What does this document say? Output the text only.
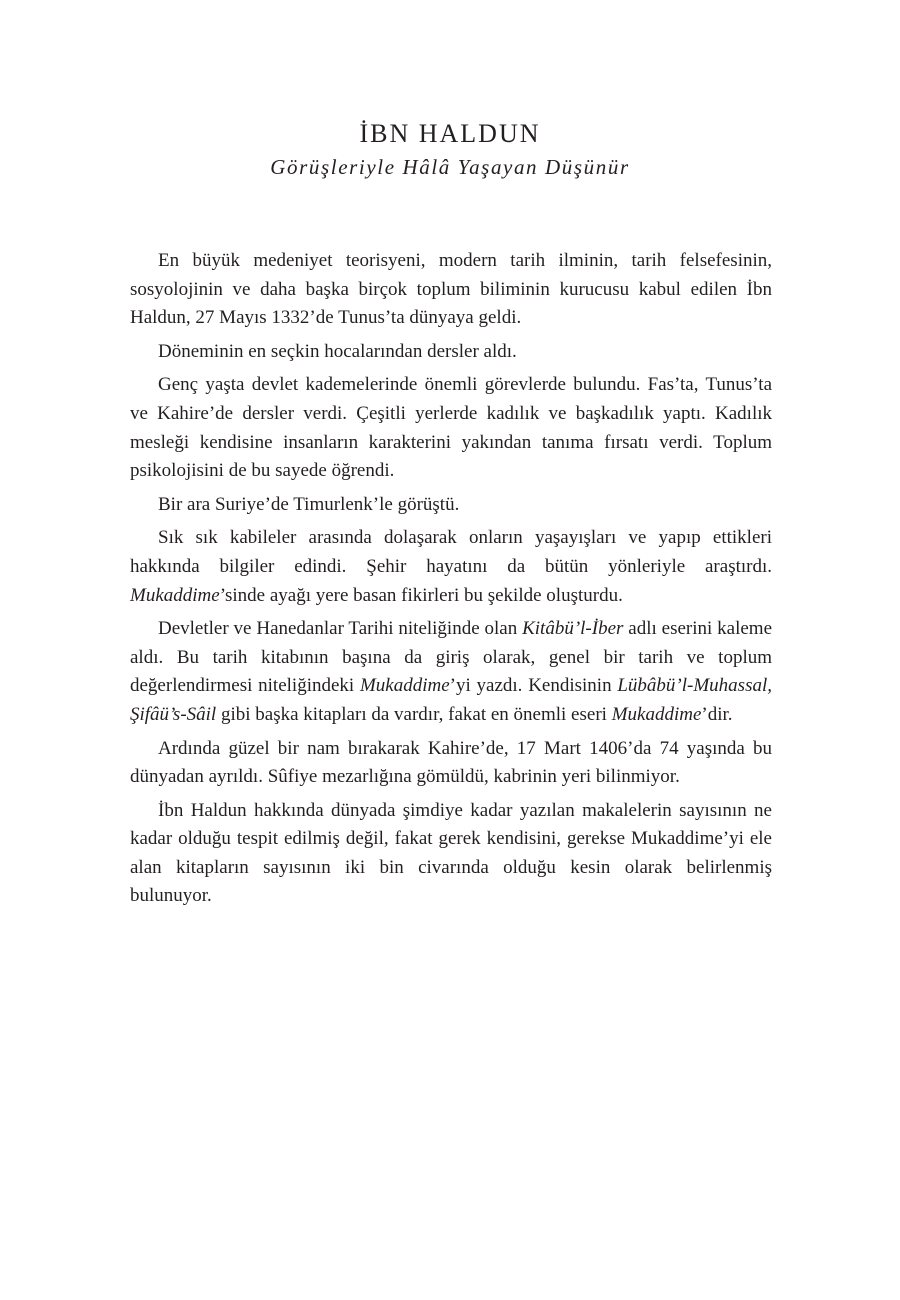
İBN HALDUN
Görüşleriyle Hâlâ Yaşayan Düşünür

En büyük medeniyet teorisyeni, modern tarih ilminin, tarih felsefesinin, sosyolojinin ve daha başka birçok toplum biliminin kurucusu kabul edilen İbn Haldun, 27 Mayıs 1332’de Tunus’ta dünyaya geldi.

Döneminin en seçkin hocalarından dersler aldı.

Genç yaşta devlet kademelerinde önemli görevlerde bulundu. Fas’ta, Tunus’ta ve Kahire’de dersler verdi. Çeşitli yerlerde kadılık ve başkadılık yaptı. Kadılık mesleği kendisine insanların karakterini yakından tanıma fırsatı verdi. Toplum psikolojisini de bu sayede öğrendi.

Bir ara Suriye’de Timurlenk’le görüştü.

Sık sık kabileler arasında dolaşarak onların yaşayışları ve yapıp ettikleri hakkında bilgiler edindi. Şehir hayatını da bütün yönleriyle araştırdı. Mukaddime’sinde ayağı yere basan fikirleri bu şekilde oluşturdu.

Devletler ve Hanedanlar Tarihi niteliğinde olan Kitâbü’l-İber adlı eserini kaleme aldı. Bu tarih kitabının başına da giriş olarak, genel bir tarih ve toplum değerlendirmesi niteliğindeki Mukaddime’yi yazdı. Kendisinin Lübâbü’l-Muhassal, Şifâü’s-Sâil gibi başka kitapları da vardır, fakat en önemli eseri Mukaddime’dir.

Ardında güzel bir nam bırakarak Kahire’de, 17 Mart 1406’da 74 yaşında bu dünyadan ayrıldı. Sûfiye mezarlığına gömüldü, kabrinin yeri bilinmiyor.

İbn Haldun hakkında dünyada şimdiye kadar yazılan makalelerin sayısının ne kadar olduğu tespit edilmiş değil, fakat gerek kendisini, gerekse Mukaddime’yi ele alan kitapların sayısının iki bin civarında olduğu kesin olarak belirlenmiş bulunuyor.
